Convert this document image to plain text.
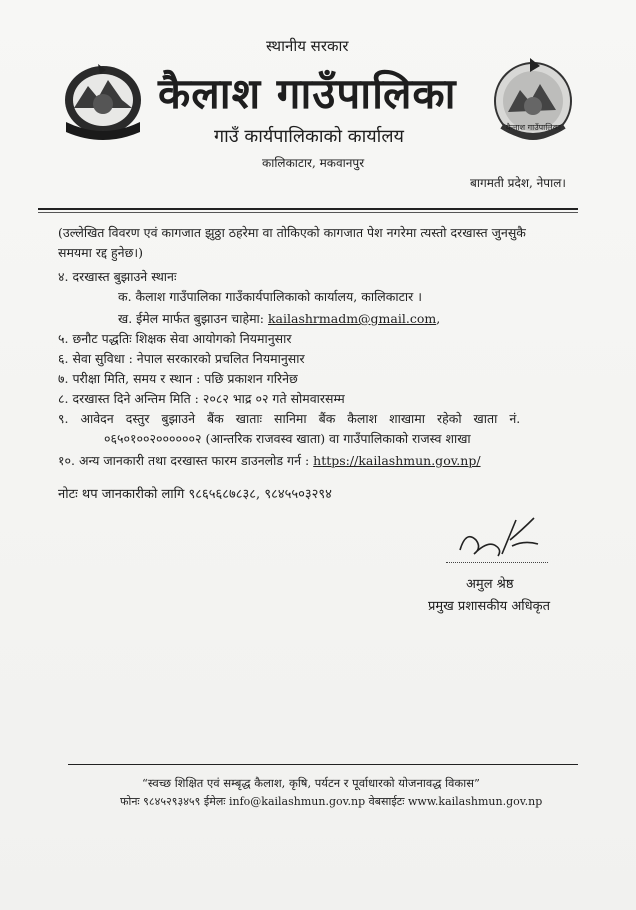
कैलाश गाउँपालिका
स्थानीय सरकार
कैलाश गाउँपालिका
गाउँ कार्यपालिकाको कार्यालय
कालिकाटार, मकवानपुर
बागमती प्रदेश, नेपाल।
(उल्लेखित विवरण एवं कागजात झुठ्ठा ठहरेमा वा तोकिएको कागजात पेश नगरेमा त्यस्तो दरखास्त जुनसुकै
समयमा रद्द हुनेछ।)
४. दरखास्त बुझाउने स्थानः
क. कैलाश गाउँपालिका गाउँकार्यपालिकाको कार्यालय, कालिकाटार ।
ख. ईमेल मार्फत बुझाउन चाहेमा: kailashrmadm@gmail.com,
५. छनौट पद्धतिः शिक्षक सेवा आयोगको नियमानुसार
६. सेवा सुविधा : नेपाल सरकारको प्रचलित नियमानुसार
७. परीक्षा मिति, समय र स्थान : पछि प्रकाशन गरिनेछ
८. दरखास्त दिने अन्तिम मिति : २०८२ भाद्र ०२ गते सोमवारसम्म
९. आवेदन दस्तुर बुझाउने बैंक खाताः सानिमा बैंक कैलाश शाखामा रहेको खाता नं.
०६५०१००२००००००२ (आन्तरिक राजवस्व खाता) वा गाउँपालिकाको राजस्व शाखा
१०. अन्य जानकारी तथा दरखास्त फारम डाउनलोड गर्न : https://kailashmun.gov.np/
नोटः थप जानकारीको लागि ९८६५६८७८३८, ९८४५५०३२९४
अमुल श्रेष्ठ
प्रमुख प्रशासकीय अधिकृत
“स्वच्छ शिक्षित एवं सम्बृद्ध कैलाश, कृषि, पर्यटन र पूर्वाधारको योजनावद्ध विकास”
फोनः ९८४५२९३४५९ ईमेलः info@kailashmun.gov.np वेबसाईटः www.kailashmun.gov.np
